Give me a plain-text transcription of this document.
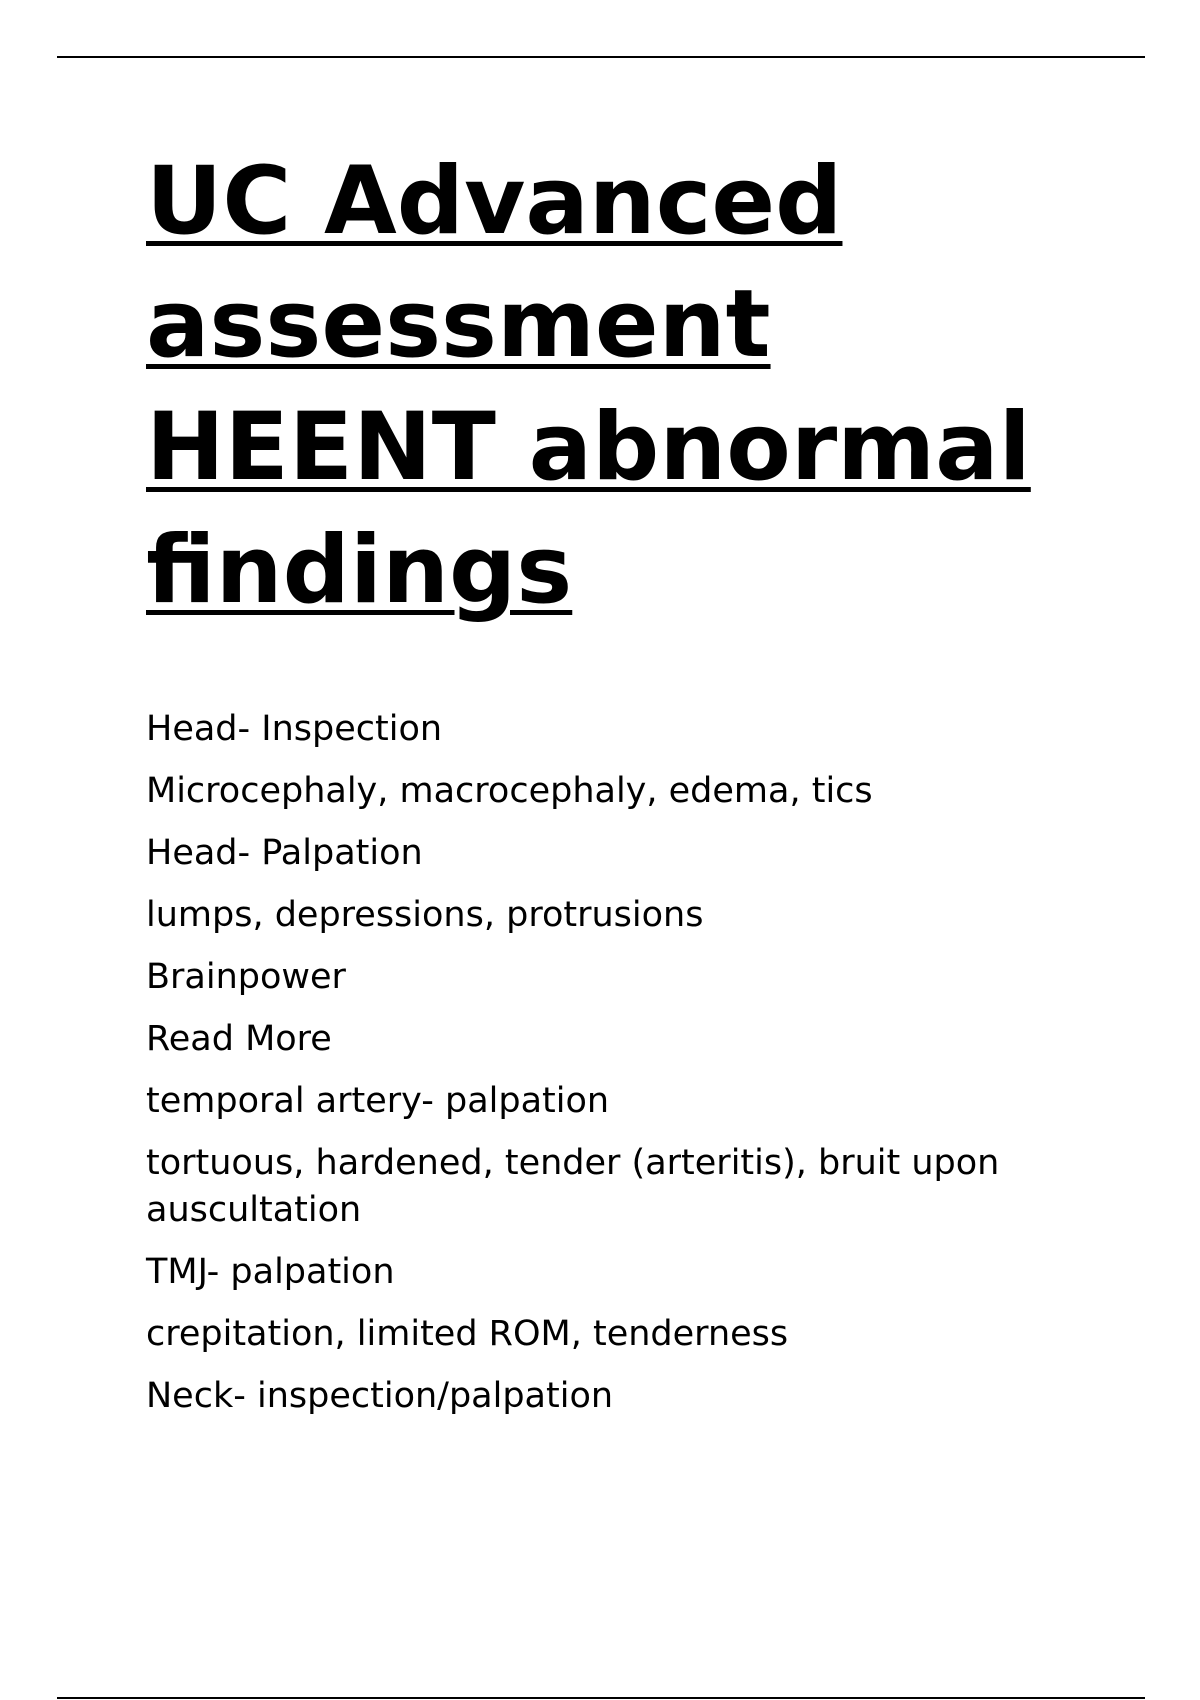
UC Advanced
assessment
HEENT abnormal
findings

Head- Inspection

Microcephaly, macrocephaly, edema, tics

Head- Palpation

lumps, depressions, protrusions

Brainpower

Read More

temporal artery- palpation

tortuous, hardened, tender (arteritis), bruit upon auscultation

TMJ- palpation

crepitation, limited ROM, tenderness

Neck- inspection/palpation
